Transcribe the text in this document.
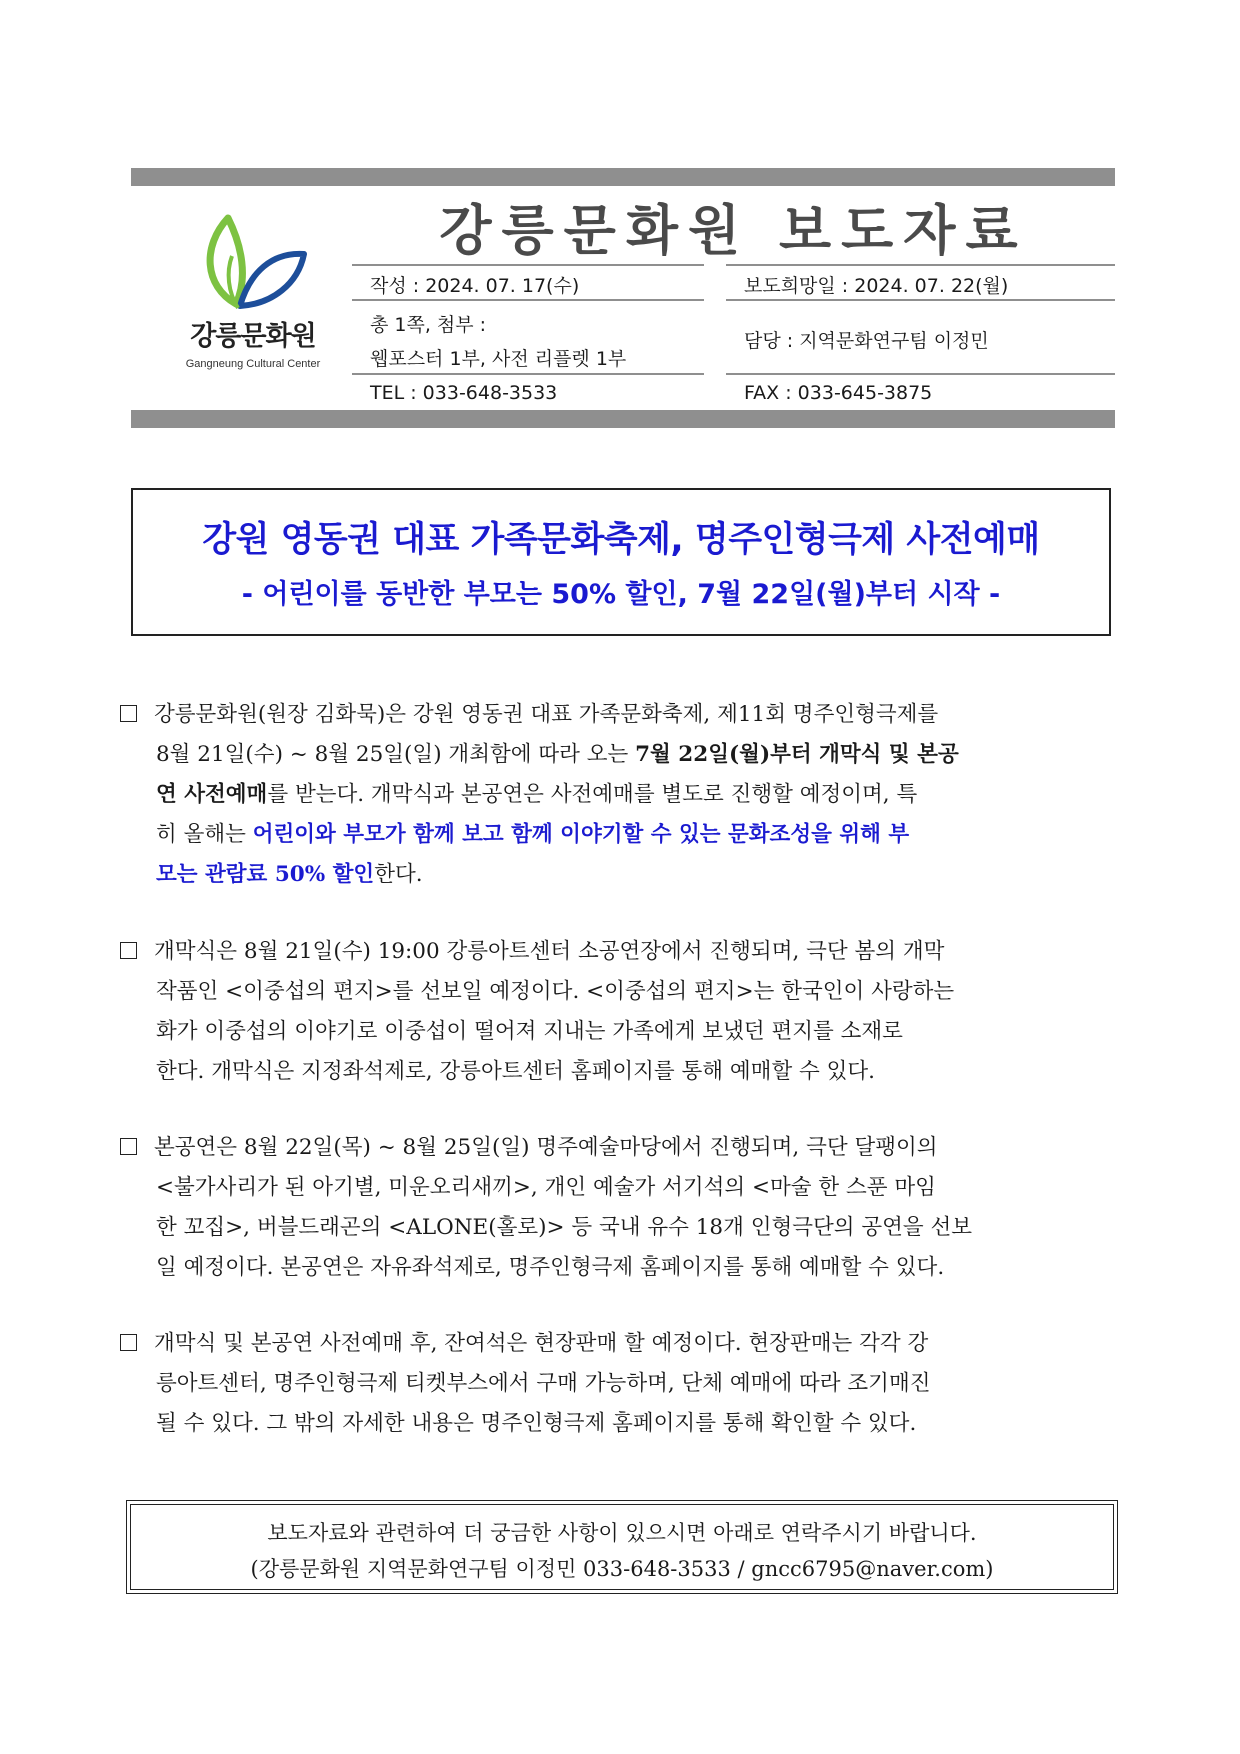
강릉문화원
Gangneung Cultural Center
강릉문화원 보도자료
작성 : 2024. 07. 17(수)	보도희망일 : 2024. 07. 22(월)
총 1쪽, 첨부 :
웹포스터 1부, 사전 리플렛 1부
담당 : 지역문화연구팀 이정민
TEL : 033-648-3533	FAX : 033-645-3875
강원 영동권 대표 가족문화축제, 명주인형극제 사전예매
- 어린이를 동반한 부모는 50% 할인, 7월 22일(월)부터 시작 -
강릉문화원(원장 김화묵)은 강원 영동권 대표 가족문화축제, 제11회 명주인형극제를
8월 21일(수) ~ 8월 25일(일) 개최함에 따라 오는 7월 22일(월)부터 개막식 및 본공
연 사전예매를 받는다. 개막식과 본공연은 사전예매를 별도로 진행할 예정이며, 특
히 올해는 어린이와 부모가 함께 보고 함께 이야기할 수 있는 문화조성을 위해 부
모는 관람료 50% 할인한다.
개막식은 8월 21일(수) 19:00 강릉아트센터 소공연장에서 진행되며, 극단 봄의 개막
작품인 <이중섭의 편지>를 선보일 예정이다. <이중섭의 편지>는 한국인이 사랑하는
화가 이중섭의 이야기로 이중섭이 떨어져 지내는 가족에게 보냈던 편지를 소재로
한다. 개막식은 지정좌석제로, 강릉아트센터 홈페이지를 통해 예매할 수 있다.
본공연은 8월 22일(목) ~ 8월 25일(일) 명주예술마당에서 진행되며, 극단 달팽이의
<불가사리가 된 아기별, 미운오리새끼>, 개인 예술가 서기석의 <마술 한 스푼 마임
한 꼬집>, 버블드래곤의 <ALONE(홀로)> 등 국내 유수 18개 인형극단의 공연을 선보
일 예정이다. 본공연은 자유좌석제로, 명주인형극제 홈페이지를 통해 예매할 수 있다.
개막식 및 본공연 사전예매 후, 잔여석은 현장판매 할 예정이다. 현장판매는 각각 강
릉아트센터, 명주인형극제 티켓부스에서 구매 가능하며, 단체 예매에 따라 조기매진
될 수 있다. 그 밖의 자세한 내용은 명주인형극제 홈페이지를 통해 확인할 수 있다.
보도자료와 관련하여 더 궁금한 사항이 있으시면 아래로 연락주시기 바랍니다.
(강릉문화원 지역문화연구팀 이정민 033-648-3533 / gncc6795@naver.com)
